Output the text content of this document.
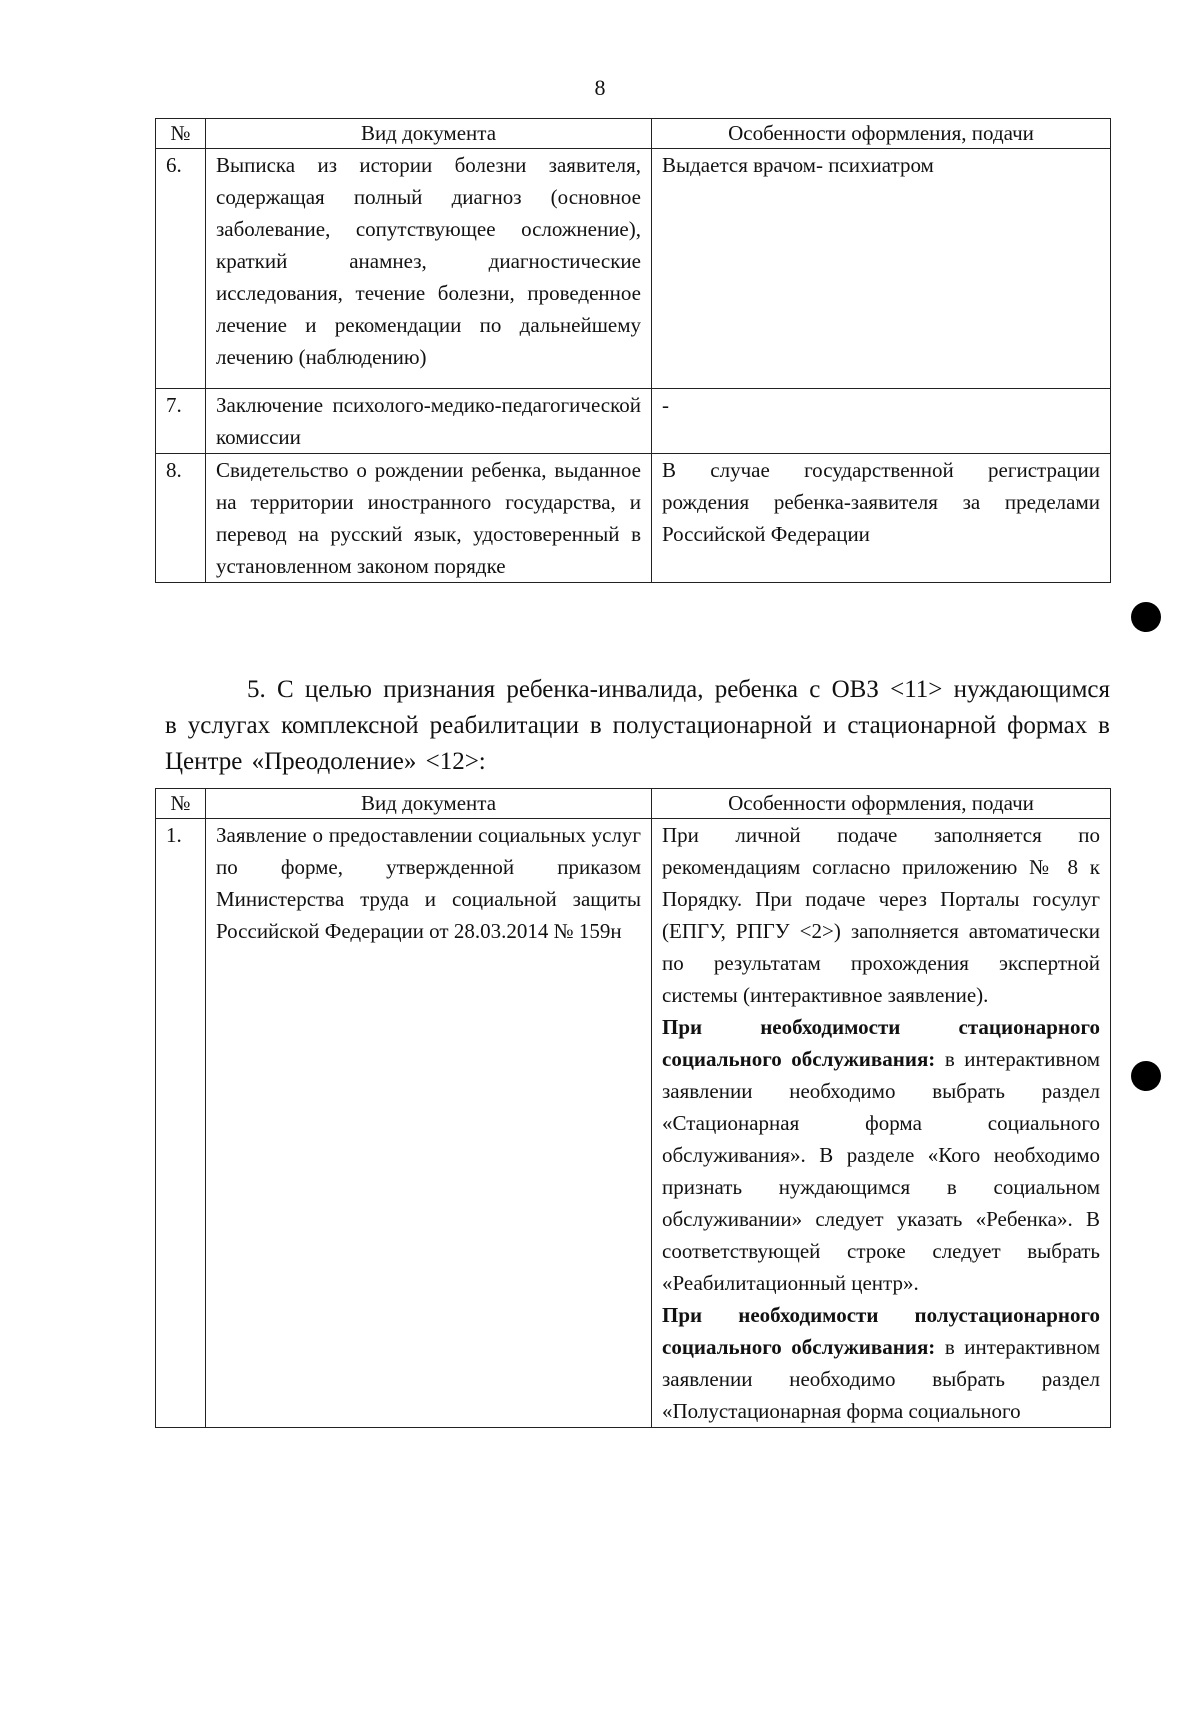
8
№	Вид документа	Особенности оформления, подачи
6.	Выписка из истории болезни заявителя, содержащая полный диагноз (основное заболевание, сопутствующее осложнение), краткий анамнез, диагностические исследования, течение болезни, проведенное лечение и рекомендации по дальнейшему лечению (наблюдению)	Выдается врачом- психиатром
7.	Заключение психолого-медико-педагогической комиссии	-
8.	Свидетельство о рождении ребенка, выданное на территории иностранного государства, и перевод на русский язык, удостоверенный в установленном законом порядке	В случае государственной регистрации рождения ребенка-заявителя за пределами Российской Федерации
5. С целью признания ребенка-инвалида, ребенка с ОВЗ <11> нуждающимся в услугах комплексной реабилитации в полустационарной и стационарной формах в Центре «Преодоление» <12>:
№	Вид документа	Особенности оформления, подачи
1.	Заявление о предоставлении социальных услуг по форме, утвержденной приказом Министерства труда и социальной защиты Российской Федерации от 28.03.2014 № 159н	При личной подаче заполняется по рекомендациям согласно приложению № 8 к Порядку. При подаче через Порталы госулуг (ЕПГУ, РПГУ <2>) заполняется автоматически по результатам прохождения экспертной системы (интерактивное заявление).
При необходимости стационарного социального обслуживания: в интерактивном заявлении необходимо выбрать раздел «Стационарная форма социального обслуживания». В разделе «Кого необходимо признать нуждающимся в социальном обслуживании» следует указать «Ребенка». В соответствующей строке следует выбрать «Реабилитационный центр».
При необходимости полустационарного социального обслуживания: в интерактивном заявлении необходимо выбрать раздел «Полустационарная форма социального
